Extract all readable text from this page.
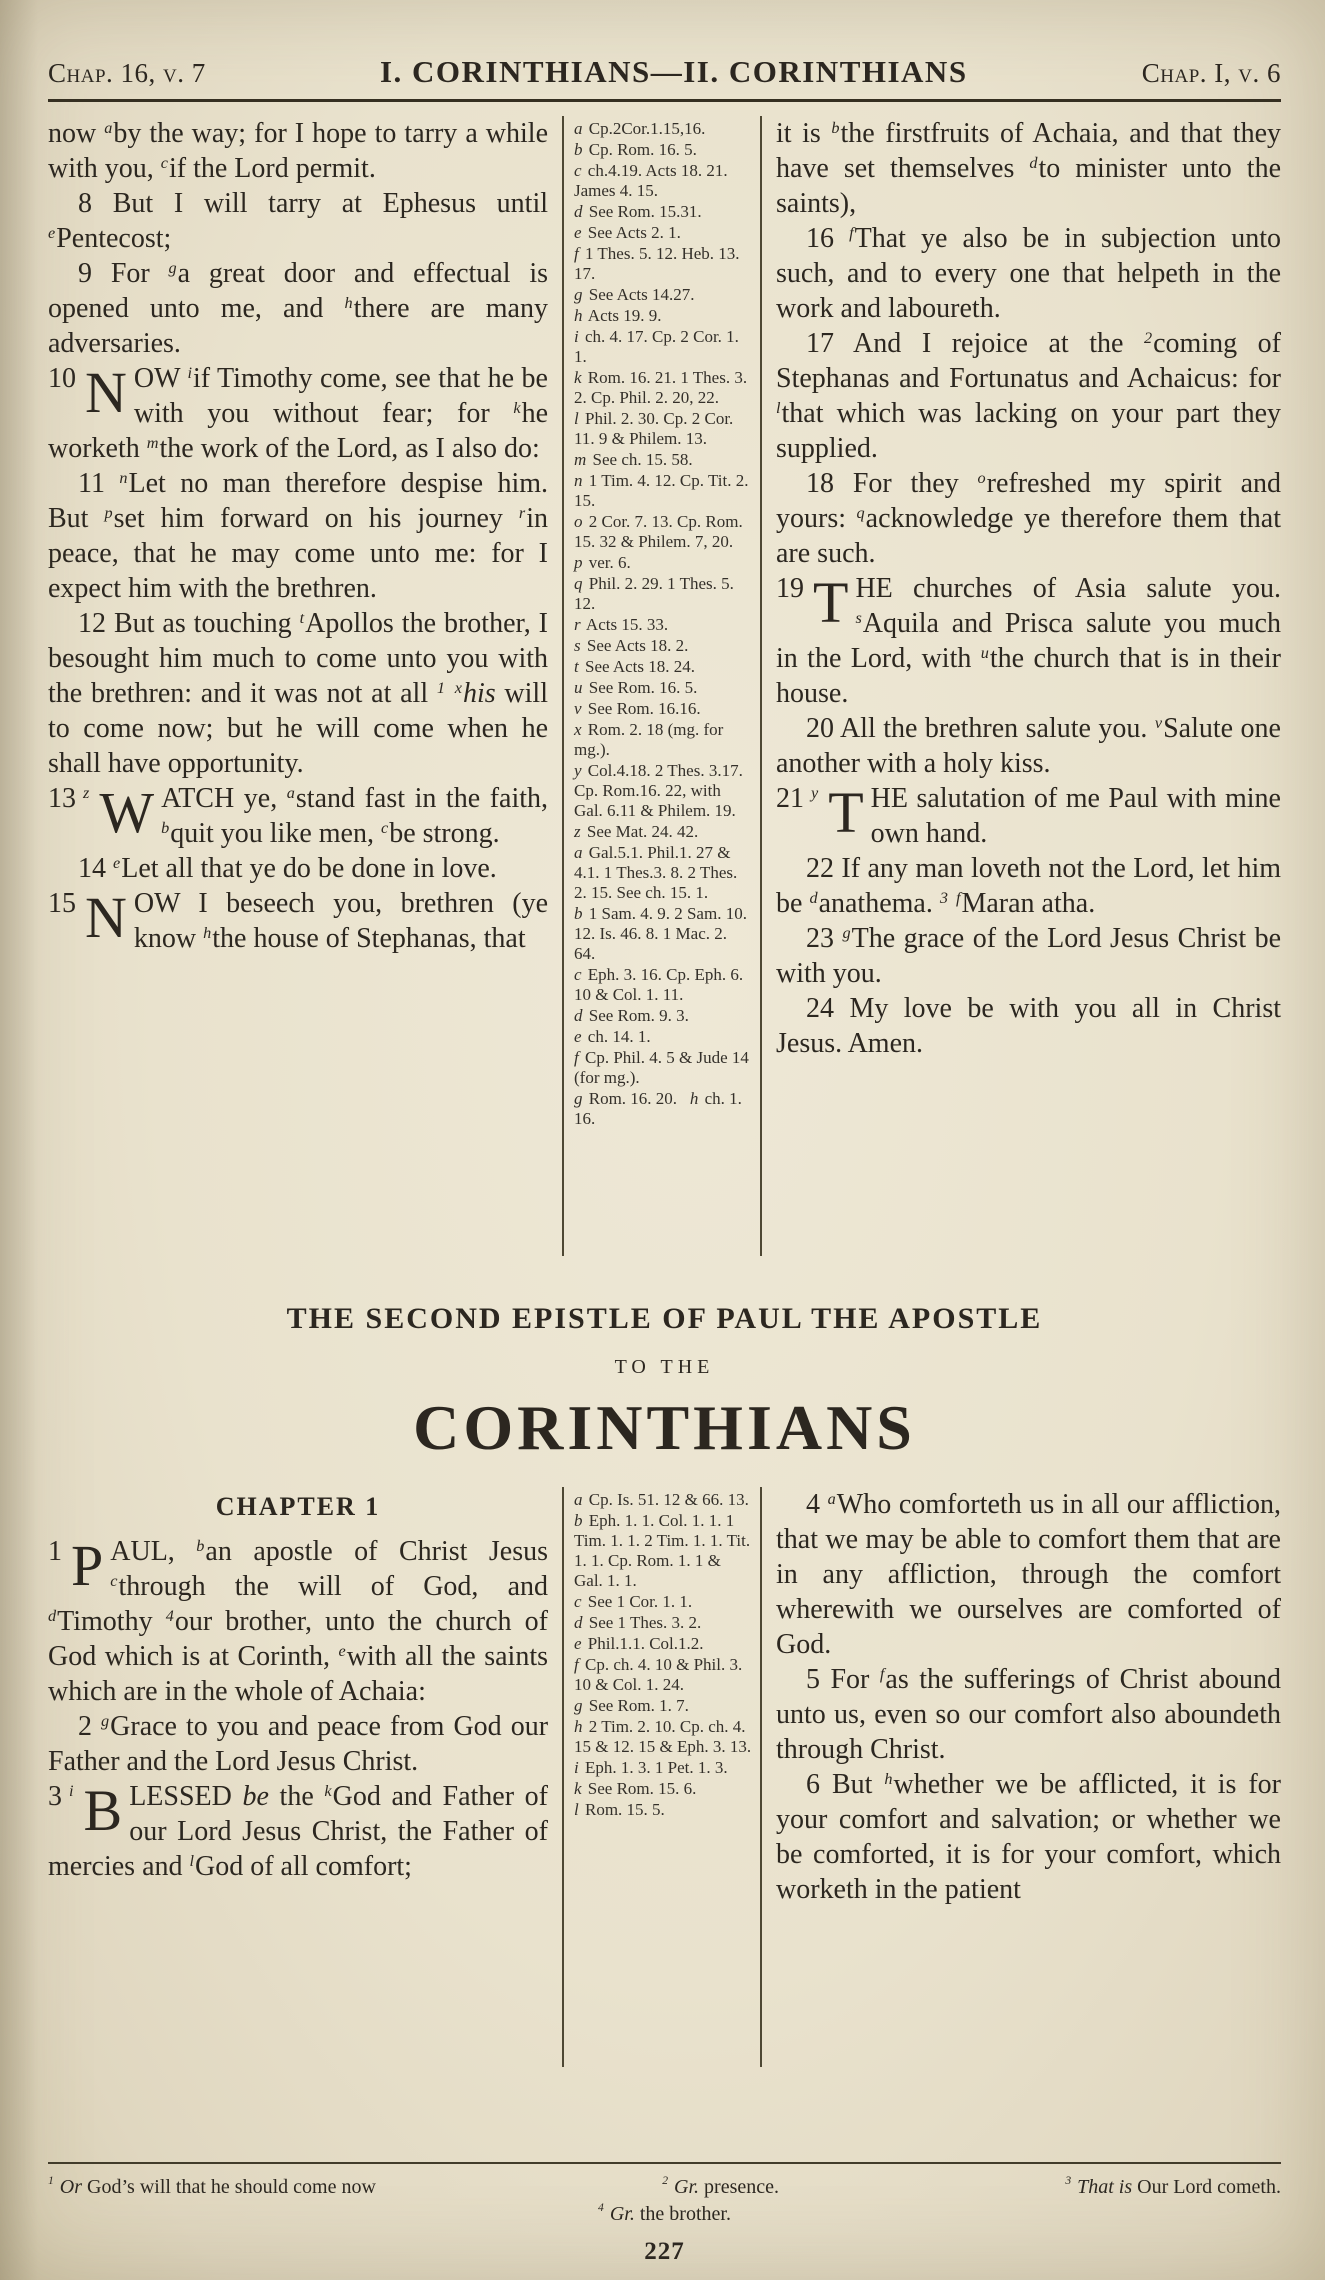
Chap. 16, v. 7	I. CORINTHIANS—II. CORINTHIANS	Chap. I, v. 6

now $^a$by the way; for I hope to tarry a while with you, $^c$if the Lord permit.

8 But I will tarry at Ephesus until $^e$Pentecost;

9 For $^g$a great door and effectual is opened unto me, and $^h$there are many adversaries.

10 N OW $^i$if Timothy come, see that he be with you without fear; for $^k$he worketh $^m$the work of the Lord, as I also do:

11 $^n$Let no man therefore despise him. But $^p$set him forward on his journey $^r$in peace, that he may come unto me: for I expect him with the brethren.

12 But as touching $^t$Apollos the brother, I besought him much to come unto you with the brethren: and it was not at all $^1$ $^x$his will to come now; but he will come when he shall have opportunity.

13 $^z$ W ATCH ye, $^a$stand fast in the faith, $^b$quit you like men, $^c$be strong.

14 $^e$Let all that ye do be done in love.

15 N OW I beseech you, brethren (ye know $^h$the house of Stephanas, that

a Cp.2Cor.1.15,16.
b Cp. Rom. 16. 5.
c ch.4.19. Acts 18. 21. James 4. 15.
d See Rom. 15.31.
e See Acts 2. 1.
f 1 Thes. 5. 12. Heb. 13. 17.
g See Acts 14.27.
h Acts 19. 9.
i ch. 4. 17. Cp. 2 Cor. 1. 1.
k Rom. 16. 21. 1 Thes. 3. 2. Cp. Phil. 2. 20, 22.
l Phil. 2. 30. Cp. 2 Cor. 11. 9 & Philem. 13.
m See ch. 15. 58.
n 1 Tim. 4. 12. Cp. Tit. 2. 15.
o 2 Cor. 7. 13. Cp. Rom. 15. 32 & Philem. 7, 20.
p ver. 6.
q Phil. 2. 29. 1 Thes. 5. 12.
r Acts 15. 33.
s See Acts 18. 2.
t See Acts 18. 24.
u See Rom. 16. 5.
v See Rom. 16.16.
x Rom. 2. 18 (mg. for mg.).
y Col.4.18. 2 Thes. 3.17. Cp. Rom.16. 22, with Gal. 6.11 & Philem. 19.
z See Mat. 24. 42.
a Gal.5.1. Phil.1. 27 & 4.1. 1 Thes.3. 8. 2 Thes. 2. 15. See ch. 15. 1.
b 1 Sam. 4. 9. 2 Sam. 10. 12. Is. 46. 8. 1 Mac. 2. 64.
c Eph. 3. 16. Cp. Eph. 6. 10 & Col. 1. 11.
d See Rom. 9. 3.
e ch. 14. 1.
f Cp. Phil. 4. 5 & Jude 14 (for mg.).
g Rom. 16. 20.   h ch. 1. 16.

it is $^b$the firstfruits of Achaia, and that they have set themselves $^d$to minister unto the saints),

16 $^f$That ye also be in subjection unto such, and to every one that helpeth in the work and laboureth.

17 And I rejoice at the $^2$coming of Stephanas and Fortunatus and Achaicus: for $^l$that which was lacking on your part they supplied.

18 For they $^o$refreshed my spirit and yours: $^q$acknowledge ye therefore them that are such.

19 T HE churches of Asia salute you. $^s$Aquila and Prisca salute you much in the Lord, with $^u$the church that is in their house.

20 All the brethren salute you. $^v$Salute one another with a holy kiss.

21 $^y$ T HE salutation of me Paul with mine own hand.

22 If any man loveth not the Lord, let him be $^d$anathema. $^3$ $^f$Maran atha.

23 $^g$The grace of the Lord Jesus Christ be with you.

24 My love be with you all in Christ Jesus. Amen.

THE SECOND EPISTLE OF PAUL THE APOSTLE
TO THE
CORINTHIANS
CHAPTER 1

1 P AUL, $^b$an apostle of Christ Jesus $^c$through the will of God, and $^d$Timothy $^4$our brother, unto the church of God which is at Corinth, $^e$with all the saints which are in the whole of Achaia:

2 $^g$Grace to you and peace from God our Father and the Lord Jesus Christ.

3 $^i$ B LESSED be the $^k$God and Father of our Lord Jesus Christ, the Father of mercies and $^l$God of all comfort;

a Cp. Is. 51. 12 & 66. 13.
b Eph. 1. 1. Col. 1. 1. 1 Tim. 1. 1. 2 Tim. 1. 1. Tit. 1. 1. Cp. Rom. 1. 1 & Gal. 1. 1.
c See 1 Cor. 1. 1.
d See 1 Thes. 3. 2.
e Phil.1.1. Col.1.2.
f Cp. ch. 4. 10 & Phil. 3. 10 & Col. 1. 24.
g See Rom. 1. 7.
h 2 Tim. 2. 10. Cp. ch. 4. 15 & 12. 15 & Eph. 3. 13.
i Eph. 1. 3. 1 Pet. 1. 3.
k See Rom. 15. 6.
l Rom. 15. 5.

4 $^a$Who comforteth us in all our affliction, that we may be able to comfort them that are in any affliction, through the comfort wherewith we ourselves are comforted of God.

5 For $^f$as the sufferings of Christ abound unto us, even so our comfort also aboundeth through Christ.

6 But $^h$whether we be afflicted, it is for your comfort and salvation; or whether we be comforted, it is for your comfort, which worketh in the patient

$^1$ Or God’s will that he should come now	$^2$ Gr. presence.	$^3$ That is Our Lord cometh.
$^4$ Gr. the brother.
227
